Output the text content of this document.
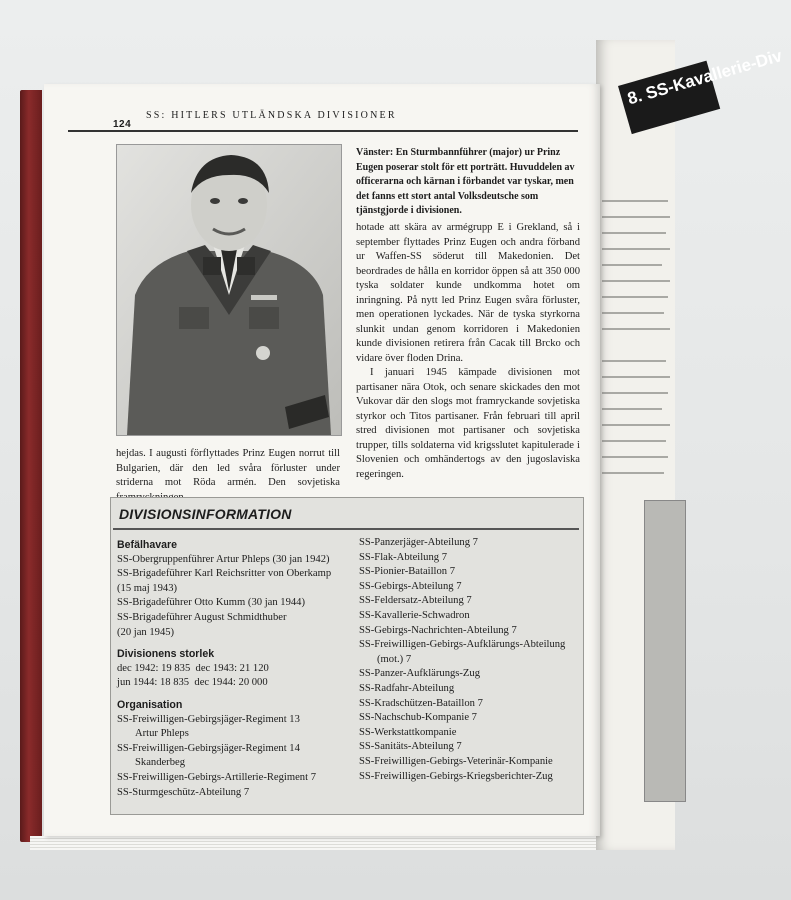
8. SS-Kavallerie-Div
124
SS: HITLERS UTLÄNDSKA DIVISIONER
Vänster: En Sturmbannführer (major) ur Prinz Eugen poserar stolt för ett porträtt. Huvuddelen av officerarna och kärnan i förbandet var tyskar, men det fanns ett stort antal Volksdeutsche som tjänstgjorde i divisionen.

hotade att skära av armégrupp E i Grekland, så i september flyttades Prinz Eugen och andra förband ur Waffen-SS söderut till Makedonien. Det beordrades de hålla en korridor öppen så att 350 000 tyska soldater kunde undkomma hotet om inringning. På nytt led Prinz Eugen svåra förluster, men operationen lyckades. När de tyska styrkorna slunkit undan genom korridoren i Makedonien kunde divisionen retirera från Cacak till Brcko och vidare över floden Drina.

I januari 1945 kämpade divisionen mot partisaner nära Otok, och senare skickades den mot Vukovar där den slogs mot framryckande sovjetiska styrkor och Titos partisaner. Från februari till april stred divisionen mot partisaner och sovjetiska trupper, tills soldaterna vid krigsslutet kapitulerade i Slovenien och omhändertogs av den jugoslaviska regeringen.

hejdas. I augusti förflyttades Prinz Eugen norrut till Bulgarien, där den led svåra förluster under striderna mot Röda armén. Den sovjetiska

DIVISIONSINFORMATION
Befälhavare
SS-Obergruppenführer Artur Phleps (30 jan 1942)
SS-Brigadeführer Karl Reichsritter von Oberkamp
(15 maj 1943)
SS-Brigadeführer Otto Kumm (30 jan 1944)
SS-Brigadeführer August Schmidthuber
(20 jan 1945)
Divisionens storlek
dec 1942: 19 835  dec 1943: 21 120
jun 1944: 18 835  dec 1944: 20 000
Organisation
SS-Freiwilligen-Gebirgsjäger-Regiment 13
Artur Phleps
SS-Freiwilligen-Gebirgsjäger-Regiment 14
Skanderbeg
SS-Freiwilligen-Gebirgs-Artillerie-Regiment 7
SS-Sturmgeschütz-Abteilung 7
SS-Panzerjäger-Abteilung 7
SS-Flak-Abteilung 7
SS-Pionier-Bataillon 7
SS-Gebirgs-Abteilung 7
SS-Feldersatz-Abteilung 7
SS-Kavallerie-Schwadron
SS-Gebirgs-Nachrichten-Abteilung 7
SS-Freiwilligen-Gebirgs-Aufklärungs-Abteilung
(mot.) 7
SS-Panzer-Aufklärungs-Zug
SS-Radfahr-Abteilung
SS-Kradschützen-Bataillon 7
SS-Nachschub-Kompanie 7
SS-Werkstattkompanie
SS-Sanitäts-Abteilung 7
SS-Freiwilligen-Gebirgs-Veterinär-Kompanie
SS-Freiwilligen-Gebirgs-Kriegsberichter-Zug
